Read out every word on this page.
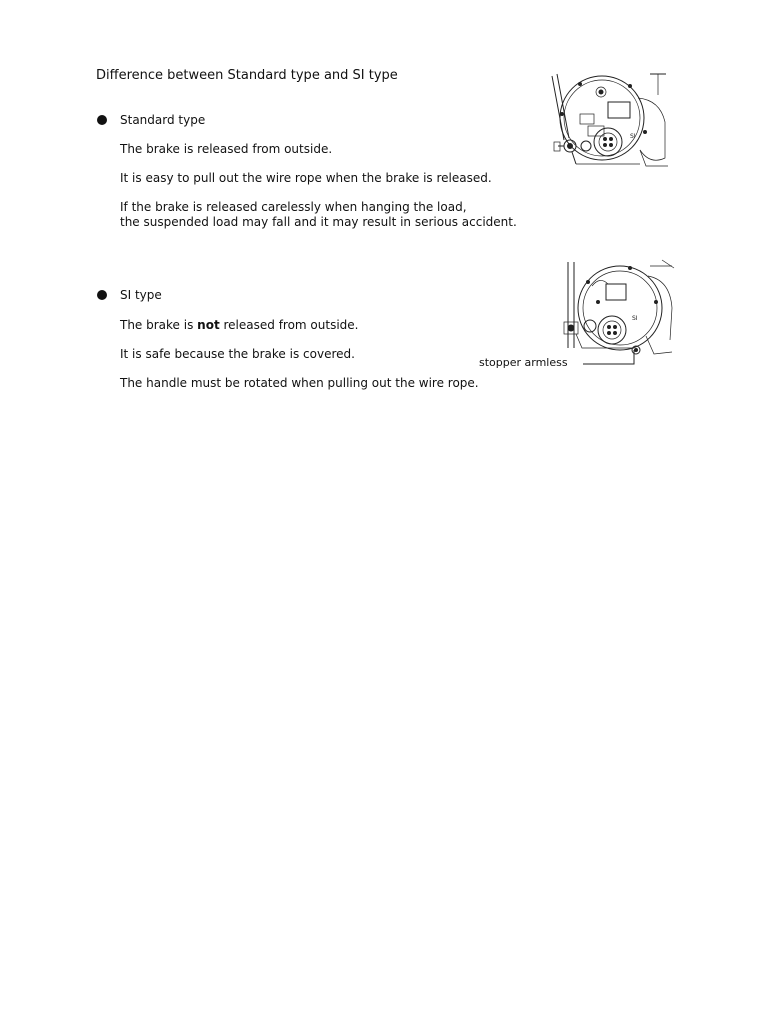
Difference between Standard type and SI type

Standard type

The brake is released from outside.

It is easy to pull out the wire rope when the brake is released.

If the brake is released carelessly when hanging the load,

the suspended load may fall and it may result in serious accident.

SI

SI type

The brake is not released from outside.

It is safe because the brake is covered.

The handle must be rotated when pulling out the wire rope.

stopper armless

SI
